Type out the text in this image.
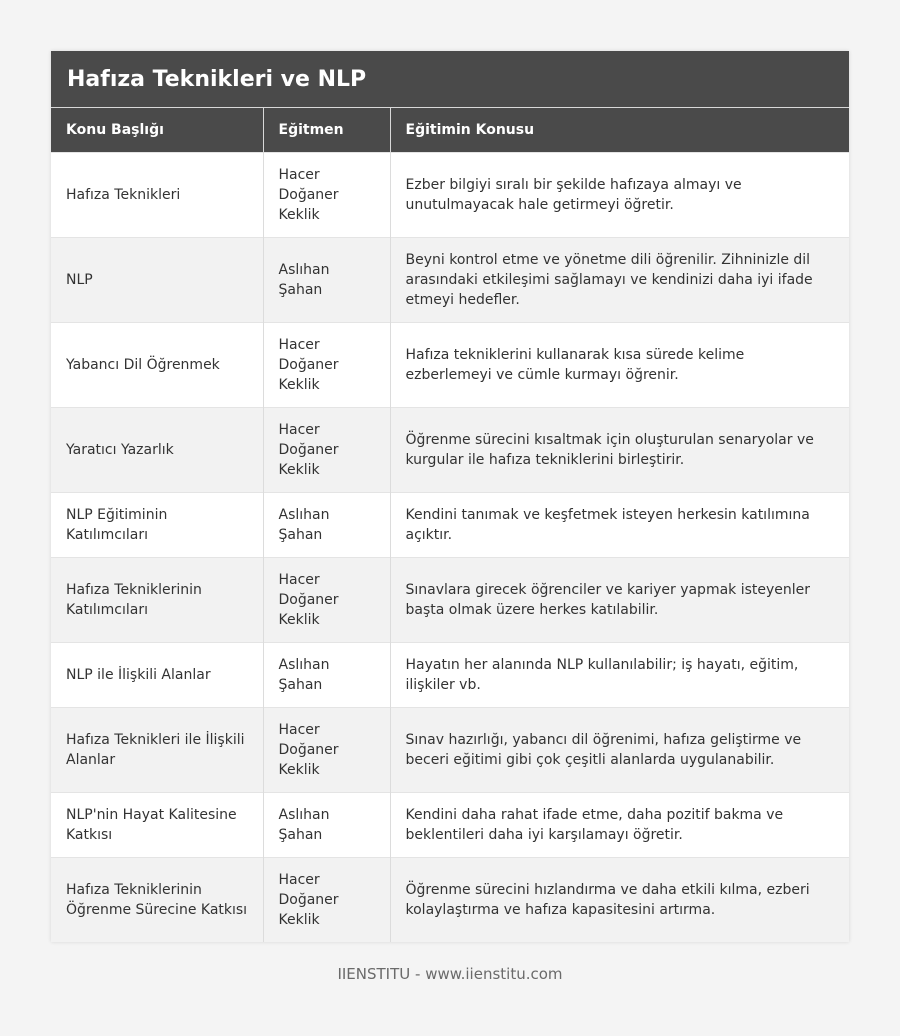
Hafıza Teknikleri ve NLP
Konu Başlığı	Eğitmen	Eğitimin Konusu
Hafıza Teknikleri	Hacer Doğaner Keklik	Ezber bilgiyi sıralı bir şekilde hafızaya almayı ve unutulmayacak hale getirmeyi öğretir.
NLP	Aslıhan Şahan	Beyni kontrol etme ve yönetme dili öğrenilir. Zihninizle dil arasındaki etkileşimi sağlamayı ve kendinizi daha iyi ifade etmeyi hedefler.
Yabancı Dil Öğrenmek	Hacer Doğaner Keklik	Hafıza tekniklerini kullanarak kısa sürede kelime ezberlemeyi ve cümle kurmayı öğrenir.
Yaratıcı Yazarlık	Hacer Doğaner Keklik	Öğrenme sürecini kısaltmak için oluşturulan senaryolar ve kurgular ile hafıza tekniklerini birleştirir.
NLP Eğitiminin Katılımcıları	Aslıhan Şahan	Kendini tanımak ve keşfetmek isteyen herkesin katılımına açıktır.
Hafıza Tekniklerinin Katılımcıları	Hacer Doğaner Keklik	Sınavlara girecek öğrenciler ve kariyer yapmak isteyenler başta olmak üzere herkes katılabilir.
NLP ile İlişkili Alanlar	Aslıhan Şahan	Hayatın her alanında NLP kullanılabilir; iş hayatı, eğitim, ilişkiler vb.
Hafıza Teknikleri ile İlişkili Alanlar	Hacer Doğaner Keklik	Sınav hazırlığı, yabancı dil öğrenimi, hafıza geliştirme ve beceri eğitimi gibi çok çeşitli alanlarda uygulanabilir.
NLP'nin Hayat Kalitesine Katkısı	Aslıhan Şahan	Kendini daha rahat ifade etme, daha pozitif bakma ve beklentileri daha iyi karşılamayı öğretir.
Hafıza Tekniklerinin Öğrenme Sürecine Katkısı	Hacer Doğaner Keklik	Öğrenme sürecini hızlandırma ve daha etkili kılma, ezberi kolaylaştırma ve hafıza kapasitesini artırma.
IIENSTITU - www.iienstitu.com
